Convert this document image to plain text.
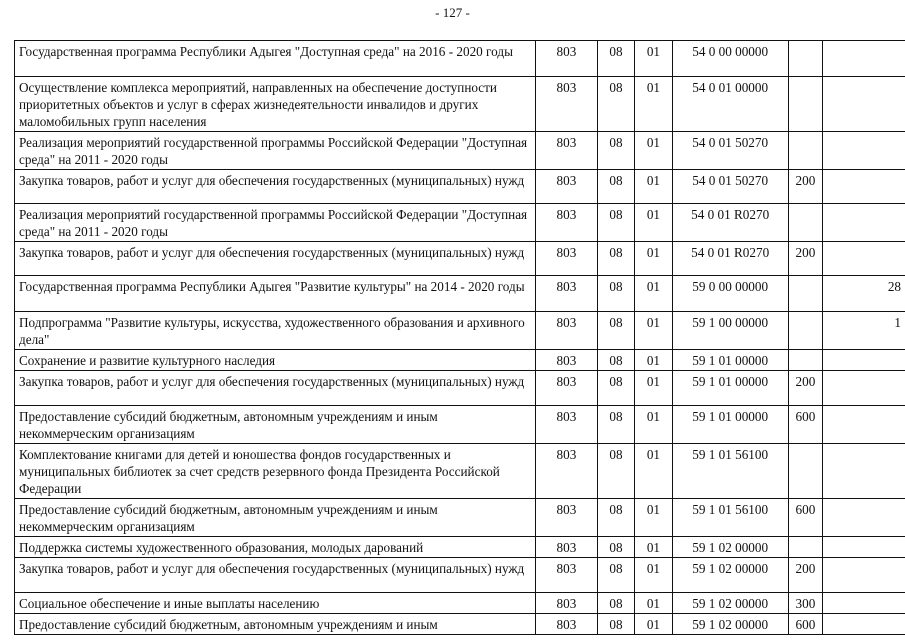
- 127 -
Государственная программа Республики Адыгея "Доступная среда" на 2016 - 2020 годы	803	08	01	54 0 00 00000		
Осуществление комплекса мероприятий, направленных на обеспечение доступности приоритетных объектов и услуг в сферах жизнедеятельности инвалидов и других маломобильных групп населения	803	08	01	54 0 01 00000		
Реализация мероприятий государственной программы Российской Федерации "Доступная среда" на 2011 - 2020 годы	803	08	01	54 0 01 50270		
Закупка товаров, работ и услуг для обеспечения государственных (муниципальных) нужд	803	08	01	54 0 01 50270	200	
Реализация мероприятий государственной программы Российской Федерации "Доступная среда" на 2011 - 2020 годы	803	08	01	54 0 01 R0270		
Закупка товаров, работ и услуг для обеспечения государственных (муниципальных) нужд	803	08	01	54 0 01 R0270	200	
Государственная программа Республики Адыгея "Развитие культуры" на 2014 - 2020 годы	803	08	01	59 0 00 00000		28
Подпрограмма "Развитие культуры, искусства, художественного образования и архивного дела"	803	08	01	59 1 00 00000		1
Сохранение и развитие культурного наследия	803	08	01	59 1 01 00000		
Закупка товаров, работ и услуг для обеспечения государственных (муниципальных) нужд	803	08	01	59 1 01 00000	200	
Предоставление субсидий бюджетным, автономным учреждениям и иным некоммерческим организациям	803	08	01	59 1 01 00000	600	
Комплектование книгами для детей и юношества фондов государственных и муниципальных библиотек за счет средств резервного фонда Президента Российской Федерации	803	08	01	59 1 01 56100		
Предоставление субсидий бюджетным, автономным учреждениям и иным некоммерческим организациям	803	08	01	59 1 01 56100	600	
Поддержка системы художественного образования, молодых дарований	803	08	01	59 1 02 00000		
Закупка товаров, работ и услуг для обеспечения государственных (муниципальных) нужд	803	08	01	59 1 02 00000	200	
Социальное обеспечение и иные выплаты населению	803	08	01	59 1 02 00000	300	
Предоставление субсидий бюджетным, автономным учреждениям и иным	803	08	01	59 1 02 00000	600	
